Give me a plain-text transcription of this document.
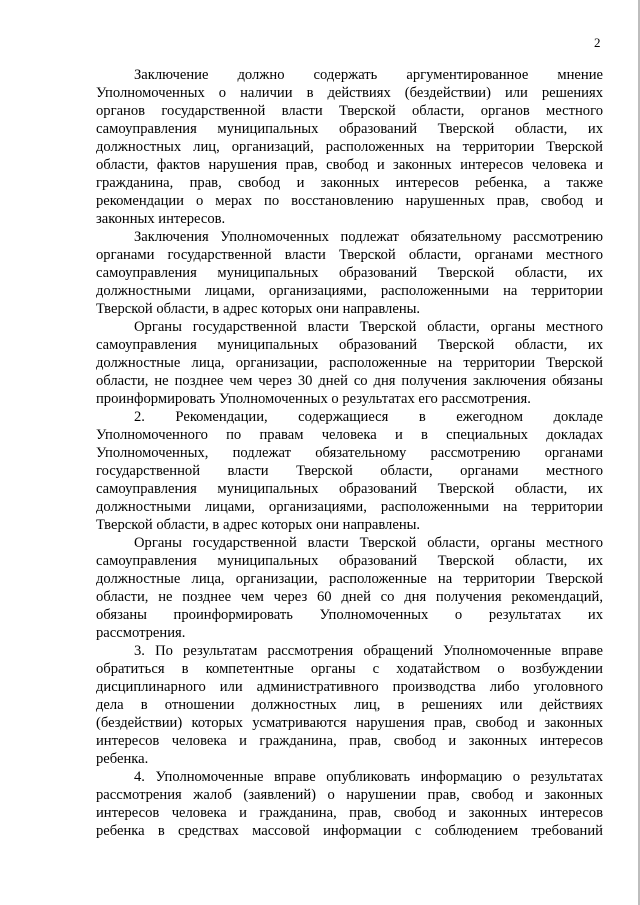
2
Заключение должно содержать аргументированное мнение
Уполномоченных о наличии в действиях (бездействии) или решениях
органов государственной власти Тверской области, органов местного
самоуправления муниципальных образований Тверской области, их
должностных лиц, организаций, расположенных на территории Тверской
области, фактов нарушения прав, свобод и законных интересов человека и
гражданина, прав, свобод и законных интересов ребенка, а также
рекомендации о мерах по восстановлению нарушенных прав, свобод и
законных интересов.
Заключения Уполномоченных подлежат обязательному рассмотрению
органами государственной власти Тверской области, органами местного
самоуправления муниципальных образований Тверской области, их
должностными лицами, организациями, расположенными на территории
Тверской области, в адрес которых они направлены.
Органы государственной власти Тверской области, органы местного
самоуправления муниципальных образований Тверской области, их
должностные лица, организации, расположенные на территории Тверской
области, не позднее чем через 30 дней со дня получения заключения обязаны
проинформировать Уполномоченных о результатах его рассмотрения.
2. Рекомендации, содержащиеся в ежегодном докладе
Уполномоченного по правам человека и в специальных докладах
Уполномоченных, подлежат обязательному рассмотрению органами
государственной власти Тверской области, органами местного
самоуправления муниципальных образований Тверской области, их
должностными лицами, организациями, расположенными на территории
Тверской области, в адрес которых они направлены.
Органы государственной власти Тверской области, органы местного
самоуправления муниципальных образований Тверской области, их
должностные лица, организации, расположенные на территории Тверской
области, не позднее чем через 60 дней со дня получения рекомендаций,
обязаны проинформировать Уполномоченных о результатах их
рассмотрения.
3. По результатам рассмотрения обращений Уполномоченные вправе
обратиться в компетентные органы с ходатайством о возбуждении
дисциплинарного или административного производства либо уголовного
дела в отношении должностных лиц, в решениях или действиях
(бездействии) которых усматриваются нарушения прав, свобод и законных
интересов человека и гражданина, прав, свобод и законных интересов
ребенка.
4. Уполномоченные вправе опубликовать информацию о результатах
рассмотрения жалоб (заявлений) о нарушении прав, свобод и законных
интересов человека и гражданина, прав, свобод и законных интересов
ребенка в средствах массовой информации с соблюдением требований
